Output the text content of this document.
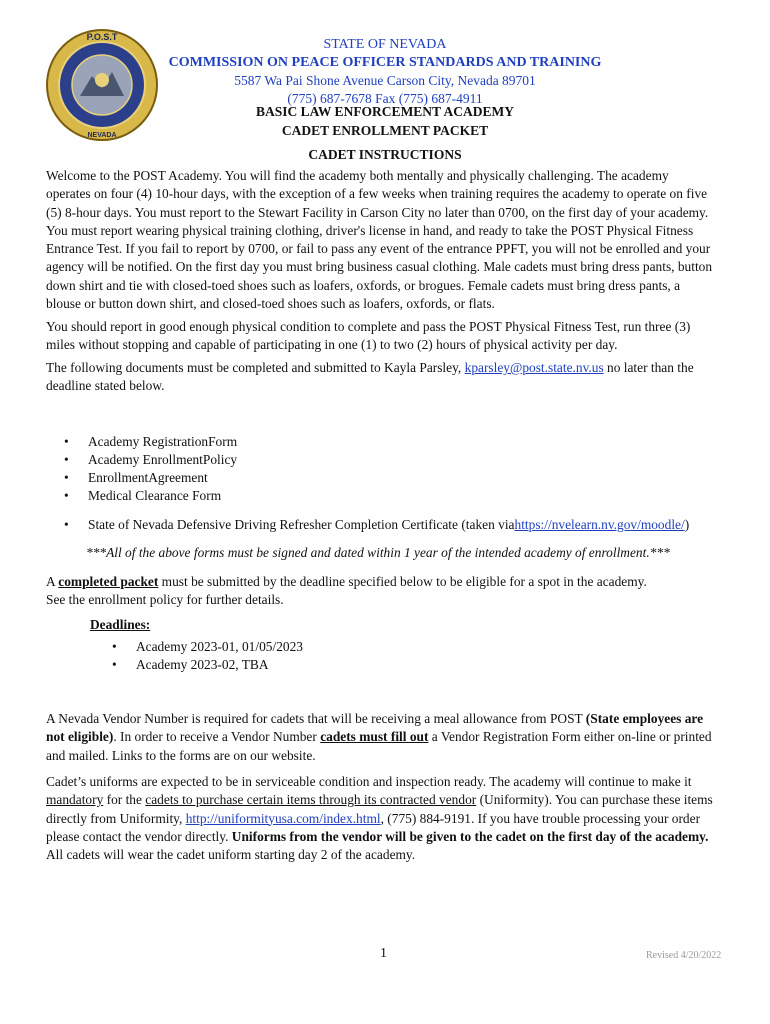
P.O.S.T
NEVADA
STATE OF NEVADA
COMMISSION ON PEACE OFFICER STANDARDS AND TRAINING
5587 Wa Pai Shone Avenue Carson City, Nevada 89701
(775) 687-7678 Fax (775) 687-4911
BASIC LAW ENFORCEMENT ACADEMY
CADET ENROLLMENT PACKET
CADET INSTRUCTIONS

Welcome to the POST Academy. You will find the academy both mentally and physically challenging. The academy operates on four (4) 10-hour days, with the exception of a few weeks when training requires the academy to operate on five (5) 8-hour days. You must report to the Stewart Facility in Carson City no later than 0700, on the first day of your academy. You must report wearing physical training clothing, driver's license in hand, and ready to take the POST Physical Fitness Entrance Test. If you fail to report by 0700, or fail to pass any event of the entrance PPFT, you will not be enrolled and your agency will be notified. On the first day you must bring business casual clothing. Male cadets must bring dress pants, button down shirt and tie with closed-toed shoes such as loafers, oxfords, or brogues. Female cadets must bring dress pants, a blouse or button down shirt, and closed-toed shoes such as loafers, oxfords, or flats.

You should report in good enough physical condition to complete and pass the POST Physical Fitness Test, run three (3) miles without stopping and capable of participating in one (1) to two (2) hours of physical activity per day.

The following documents must be completed and submitted to Kayla Parsley, kparsley@post.state.nv.us no later than the deadline stated below.

• Academy RegistrationForm
• Academy EnrollmentPolicy
• EnrollmentAgreement
• Medical Clearance Form
• State of Nevada Defensive Driving Refresher Completion Certificate (taken viahttps://nvelearn.nv.gov/moodle/)
***All of the above forms must be signed and dated within 1 year of the intended academy of enrollment.***

A completed packet must be submitted by the deadline specified below to be eligible for a spot in the academy.
See the enrollment policy for further details.

Deadlines:
• Academy 2023-01, 01/05/2023
• Academy 2023-02, TBA

A Nevada Vendor Number is required for cadets that will be receiving a meal allowance from POST (State employees are not eligible). In order to receive a Vendor Number cadets must fill out a Vendor Registration Form either on-line or printed and mailed. Links to the forms are on our website.

Cadet’s uniforms are expected to be in serviceable condition and inspection ready. The academy will continue to make it mandatory for the cadets to purchase certain items through its contracted vendor (Uniformity). You can purchase these items directly from Uniformity, http://uniformityusa.com/index.html, (775) 884-9191. If you have trouble processing your order please contact the vendor directly. Uniforms from the vendor will be given to the cadet on the first day of the academy. All cadets will wear the cadet uniform starting day 2 of the academy.

1	Revised 4/20/2022
